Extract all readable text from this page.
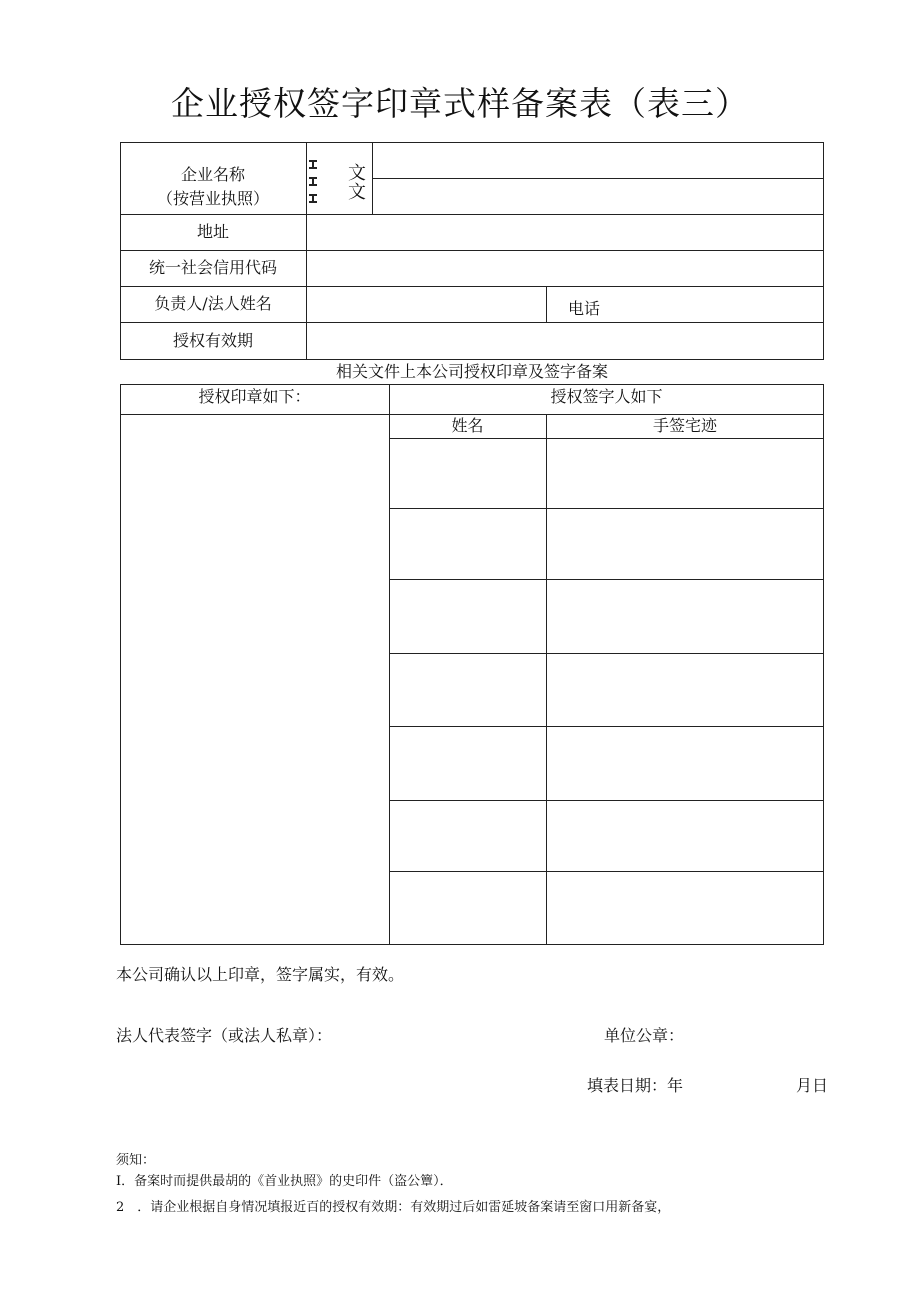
企业授权签字印章式样备案表（表三）
企业名称
（按营业执照）
文
文
地址
统一社会信用代码
负责人/法人姓名	电话
授权有效期
相关文件上本公司授权印章及签字备案
授权印章如下：	授权签字人如下
姓名	手签宅迹
本公司确认以上印章，签字属实，有效。
法人代表签字（或法人私章）：	单位公章：
填表日期：年	月日
须知：
I．备案时而提供最胡的《首业执照》的史印件（盗公簟）．
2　．请企业根据自身情况填报近百的授权有效期：有效期过后如雷延坡备案请至窗口用新备宴，
